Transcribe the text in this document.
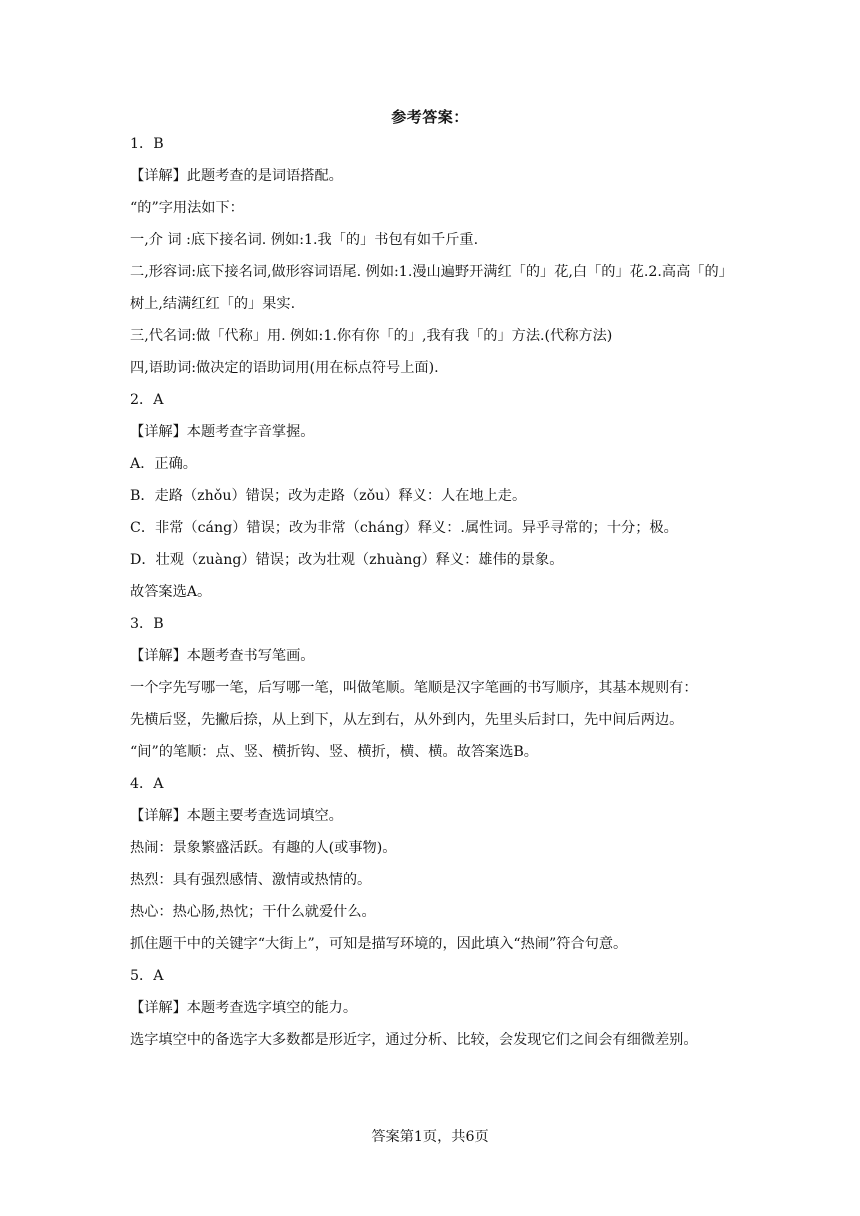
参考答案：

1．B

【详解】此题考查的是词语搭配。

“的”字用法如下：

一,介 词 :底下接名词. 例如:1.我「的」书包有如千斤重.

二,形容词:底下接名词,做形容词语尾. 例如:1.漫山遍野开满红「的」花,白「的」花.2.高高「的」

树上,结满红红「的」果实.

三,代名词:做「代称」用. 例如:1.你有你「的」,我有我「的」方法.(代称方法)

四,语助词:做决定的语助词用(用在标点符号上面).

2．A

【详解】本题考查字音掌握。

A．正确。

B．走路（zhǒu）错误；改为走路（zǒu）释义：人在地上走。

C．非常（cáng）错误；改为非常（cháng）释义：.属性词。异乎寻常的；十分；极。

D．壮观（zuàng）错误；改为壮观（zhuàng）释义：雄伟的景象。

故答案选A。

3．B

【详解】本题考查书写笔画。

一个字先写哪一笔，后写哪一笔，叫做笔顺。笔顺是汉字笔画的书写顺序，其基本规则有：

先横后竖，先撇后捺，从上到下，从左到右，从外到内，先里头后封口，先中间后两边。

“间”的笔顺：点、竖、横折钩、竖、横折，横、横。故答案选B。

4．A

【详解】本题主要考查选词填空。

热闹：景象繁盛活跃。有趣的人(或事物)。

热烈：具有强烈感情、激情或热情的。

热心：热心肠,热忱；干什么就爱什么。

抓住题干中的关键字“大街上”，可知是描写环境的，因此填入“热闹”符合句意。

5．A

【详解】本题考查选字填空的能力。

选字填空中的备选字大多数都是形近字，通过分析、比较，会发现它们之间会有细微差别。

答案第1页，共6页
